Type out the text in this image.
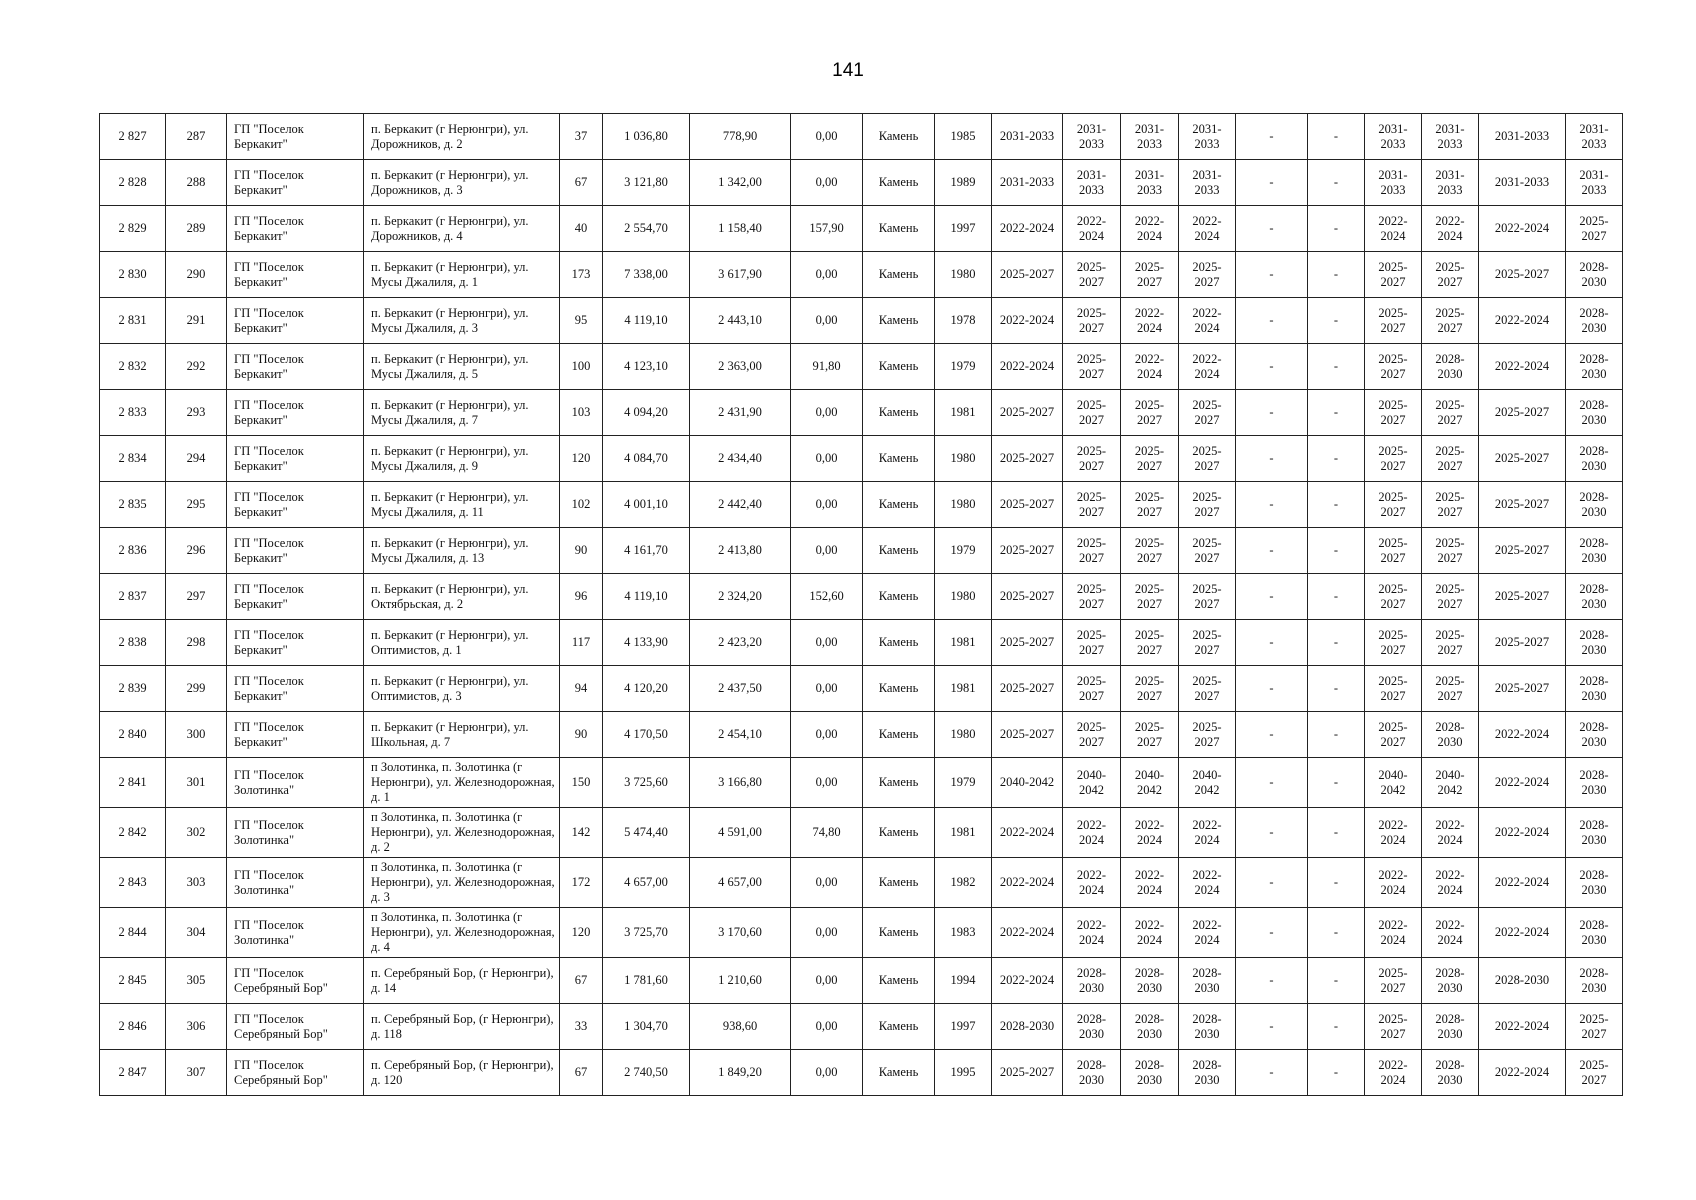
141
2 827	287	ГП "Поселок Беркакит"	п. Беркакит (г Нерюнгри), ул. Дорожников, д. 2	37	1 036,80	778,90	0,00	Камень	1985	2031-2033	2031-2033	2031-2033	2031-2033	-	-	2031-2033	2031-2033	2031-2033	2031-2033
2 828	288	ГП "Поселок Беркакит"	п. Беркакит (г Нерюнгри), ул. Дорожников, д. 3	67	3 121,80	1 342,00	0,00	Камень	1989	2031-2033	2031-2033	2031-2033	2031-2033	-	-	2031-2033	2031-2033	2031-2033	2031-2033
2 829	289	ГП "Поселок Беркакит"	п. Беркакит (г Нерюнгри), ул. Дорожников, д. 4	40	2 554,70	1 158,40	157,90	Камень	1997	2022-2024	2022-2024	2022-2024	2022-2024	-	-	2022-2024	2022-2024	2022-2024	2025-2027
2 830	290	ГП "Поселок Беркакит"	п. Беркакит (г Нерюнгри), ул. Мусы Джалиля, д. 1	173	7 338,00	3 617,90	0,00	Камень	1980	2025-2027	2025-2027	2025-2027	2025-2027	-	-	2025-2027	2025-2027	2025-2027	2028-2030
2 831	291	ГП "Поселок Беркакит"	п. Беркакит (г Нерюнгри), ул. Мусы Джалиля, д. 3	95	4 119,10	2 443,10	0,00	Камень	1978	2022-2024	2025-2027	2022-2024	2022-2024	-	-	2025-2027	2025-2027	2022-2024	2028-2030
2 832	292	ГП "Поселок Беркакит"	п. Беркакит (г Нерюнгри), ул. Мусы Джалиля, д. 5	100	4 123,10	2 363,00	91,80	Камень	1979	2022-2024	2025-2027	2022-2024	2022-2024	-	-	2025-2027	2028-2030	2022-2024	2028-2030
2 833	293	ГП "Поселок Беркакит"	п. Беркакит (г Нерюнгри), ул. Мусы Джалиля, д. 7	103	4 094,20	2 431,90	0,00	Камень	1981	2025-2027	2025-2027	2025-2027	2025-2027	-	-	2025-2027	2025-2027	2025-2027	2028-2030
2 834	294	ГП "Поселок Беркакит"	п. Беркакит (г Нерюнгри), ул. Мусы Джалиля, д. 9	120	4 084,70	2 434,40	0,00	Камень	1980	2025-2027	2025-2027	2025-2027	2025-2027	-	-	2025-2027	2025-2027	2025-2027	2028-2030
2 835	295	ГП "Поселок Беркакит"	п. Беркакит (г Нерюнгри), ул. Мусы Джалиля, д. 11	102	4 001,10	2 442,40	0,00	Камень	1980	2025-2027	2025-2027	2025-2027	2025-2027	-	-	2025-2027	2025-2027	2025-2027	2028-2030
2 836	296	ГП "Поселок Беркакит"	п. Беркакит (г Нерюнгри), ул. Мусы Джалиля, д. 13	90	4 161,70	2 413,80	0,00	Камень	1979	2025-2027	2025-2027	2025-2027	2025-2027	-	-	2025-2027	2025-2027	2025-2027	2028-2030
2 837	297	ГП "Поселок Беркакит"	п. Беркакит (г Нерюнгри), ул. Октябрьская, д. 2	96	4 119,10	2 324,20	152,60	Камень	1980	2025-2027	2025-2027	2025-2027	2025-2027	-	-	2025-2027	2025-2027	2025-2027	2028-2030
2 838	298	ГП "Поселок Беркакит"	п. Беркакит (г Нерюнгри), ул. Оптимистов, д. 1	117	4 133,90	2 423,20	0,00	Камень	1981	2025-2027	2025-2027	2025-2027	2025-2027	-	-	2025-2027	2025-2027	2025-2027	2028-2030
2 839	299	ГП "Поселок Беркакит"	п. Беркакит (г Нерюнгри), ул. Оптимистов, д. 3	94	4 120,20	2 437,50	0,00	Камень	1981	2025-2027	2025-2027	2025-2027	2025-2027	-	-	2025-2027	2025-2027	2025-2027	2028-2030
2 840	300	ГП "Поселок Беркакит"	п. Беркакит (г Нерюнгри), ул. Школьная, д. 7	90	4 170,50	2 454,10	0,00	Камень	1980	2025-2027	2025-2027	2025-2027	2025-2027	-	-	2025-2027	2028-2030	2022-2024	2028-2030
2 841	301	ГП "Поселок Золотинка"	п Золотинка, п. Золотинка (г Нерюнгри), ул. Железнодорожная, д. 1	150	3 725,60	3 166,80	0,00	Камень	1979	2040-2042	2040-2042	2040-2042	2040-2042	-	-	2040-2042	2040-2042	2022-2024	2028-2030
2 842	302	ГП "Поселок Золотинка"	п Золотинка, п. Золотинка (г Нерюнгри), ул. Железнодорожная, д. 2	142	5 474,40	4 591,00	74,80	Камень	1981	2022-2024	2022-2024	2022-2024	2022-2024	-	-	2022-2024	2022-2024	2022-2024	2028-2030
2 843	303	ГП "Поселок Золотинка"	п Золотинка, п. Золотинка (г Нерюнгри), ул. Железнодорожная, д. 3	172	4 657,00	4 657,00	0,00	Камень	1982	2022-2024	2022-2024	2022-2024	2022-2024	-	-	2022-2024	2022-2024	2022-2024	2028-2030
2 844	304	ГП "Поселок Золотинка"	п Золотинка, п. Золотинка (г Нерюнгри), ул. Железнодорожная, д. 4	120	3 725,70	3 170,60	0,00	Камень	1983	2022-2024	2022-2024	2022-2024	2022-2024	-	-	2022-2024	2022-2024	2022-2024	2028-2030
2 845	305	ГП "Поселок Серебряный Бор"	п. Серебряный Бор, (г Нерюнгри), д. 14	67	1 781,60	1 210,60	0,00	Камень	1994	2022-2024	2028-2030	2028-2030	2028-2030	-	-	2025-2027	2028-2030	2028-2030	2028-2030
2 846	306	ГП "Поселок Серебряный Бор"	п. Серебряный Бор, (г Нерюнгри), д. 118	33	1 304,70	938,60	0,00	Камень	1997	2028-2030	2028-2030	2028-2030	2028-2030	-	-	2025-2027	2028-2030	2022-2024	2025-2027
2 847	307	ГП "Поселок Серебряный Бор"	п. Серебряный Бор, (г Нерюнгри), д. 120	67	2 740,50	1 849,20	0,00	Камень	1995	2025-2027	2028-2030	2028-2030	2028-2030	-	-	2022-2024	2028-2030	2022-2024	2025-2027
